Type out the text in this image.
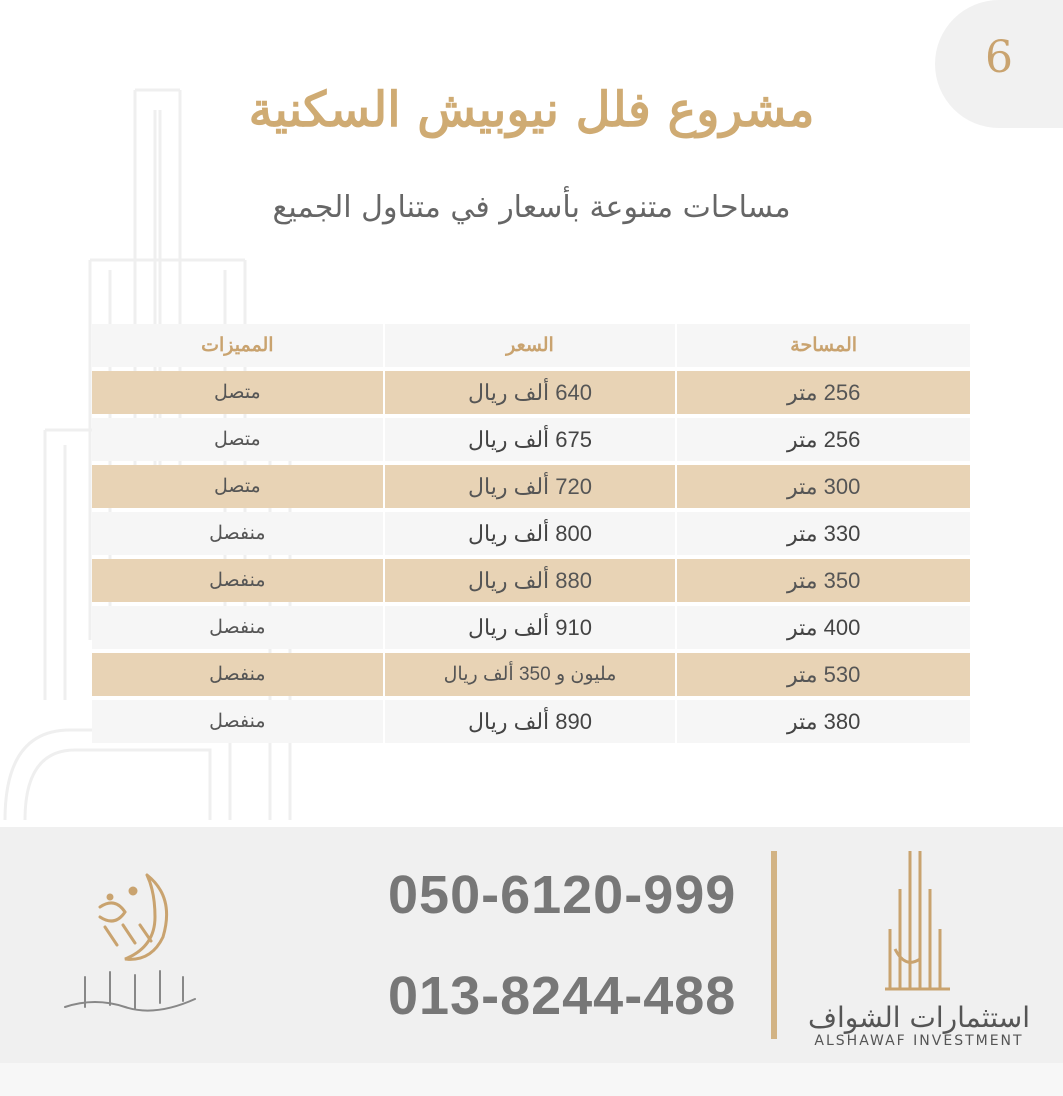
6
مشروع فلل نيوبيش السكنية
مساحات متنوعة بأسعار في متناول الجميع
المساحة	السعر	المميزات
256 متر	640 ألف ريال	متصل
256 متر	675 ألف ريال	متصل
300 متر	720 ألف ريال	متصل
330 متر	800 ألف ريال	منفصل
350 متر	880 ألف ريال	منفصل
400 متر	910 ألف ريال	منفصل
530 متر	مليون و 350 ألف ريال	منفصل
380 متر	890 ألف ريال	منفصل
050-6120-999
013-8244-488	استثمارات الشواف
ALSHAWAF INVESTMENT
